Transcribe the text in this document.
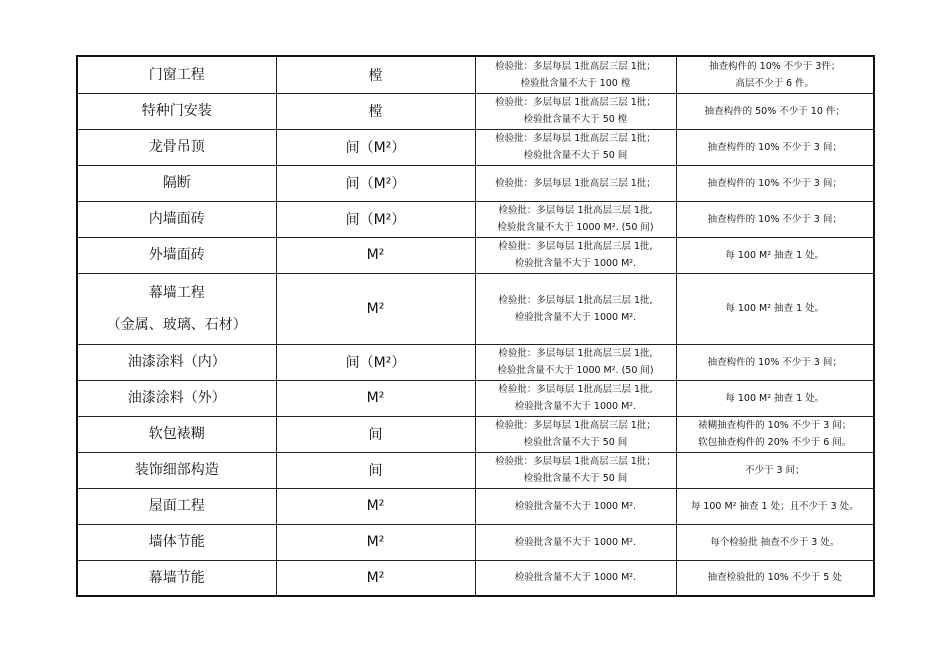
门窗工程	樘	检验批：多层每层 1批高层三层 1批；
检验批含量不大于 100 樘	抽查构件的 10% 不少于 3件；
高层不少于 6 件。

特种门安装	樘	检验批：多层每层 1批高层三层 1批；
检验批含量不大于 50 樘	抽查构件的 50% 不少于 10 件；

龙骨吊顶	间（M²）	检验批：多层每层 1批高层三层 1批；
检验批含量不大于 50 间	抽查构件的 10% 不少于 3 间；

隔断	间（M²）	检验批：多层每层 1批高层三层 1批；	抽查构件的 10% 不少于 3 间；

内墙面砖	间（M²）	检验批：多层每层 1批高层三层 1批,
检验批含量不大于 1000 M². (50 间)	抽查构件的 10% 不少于 3 间；

外墙面砖	M²	检验批：多层每层 1批高层三层 1批,
检验批含量不大于 1000 M².	每 100 M² 抽查 1 处。

幕墙工程
（金属、玻璃、石材）	M²	检验批：多层每层 1批高层三层 1批,
检验批含量不大于 1000 M².	每 100 M² 抽查 1 处。

油漆涂料（内）	间（M²）	检验批：多层每层 1批高层三层 1批,
检验批含量不大于 1000 M². (50 间)	抽查构件的 10% 不少于 3 间；

油漆涂料（外）	M²	检验批：多层每层 1批高层三层 1批,
检验批含量不大于 1000 M².	每 100 M² 抽查 1 处。

软包裱糊	间	检验批：多层每层 1批高层三层 1批；
检验批含量不大于 50 间	裱糊抽查构件的 10% 不少于 3 间；
软包抽查构件的 20% 不少于 6 间。

装饰细部构造	间	检验批：多层每层 1批高层三层 1批；
检验批含量不大于 50 间	不少于 3 间；

屋面工程	M²	检验批含量不大于 1000 M².	每 100 M² 抽查 1 处；且不少于 3 处。

墙体节能	M²	检验批含量不大于 1000 M².	每个检验批 抽查不少于 3 处。

幕墙节能	M²	检验批含量不大于 1000 M².	抽查检验批的 10% 不少于 5 处
